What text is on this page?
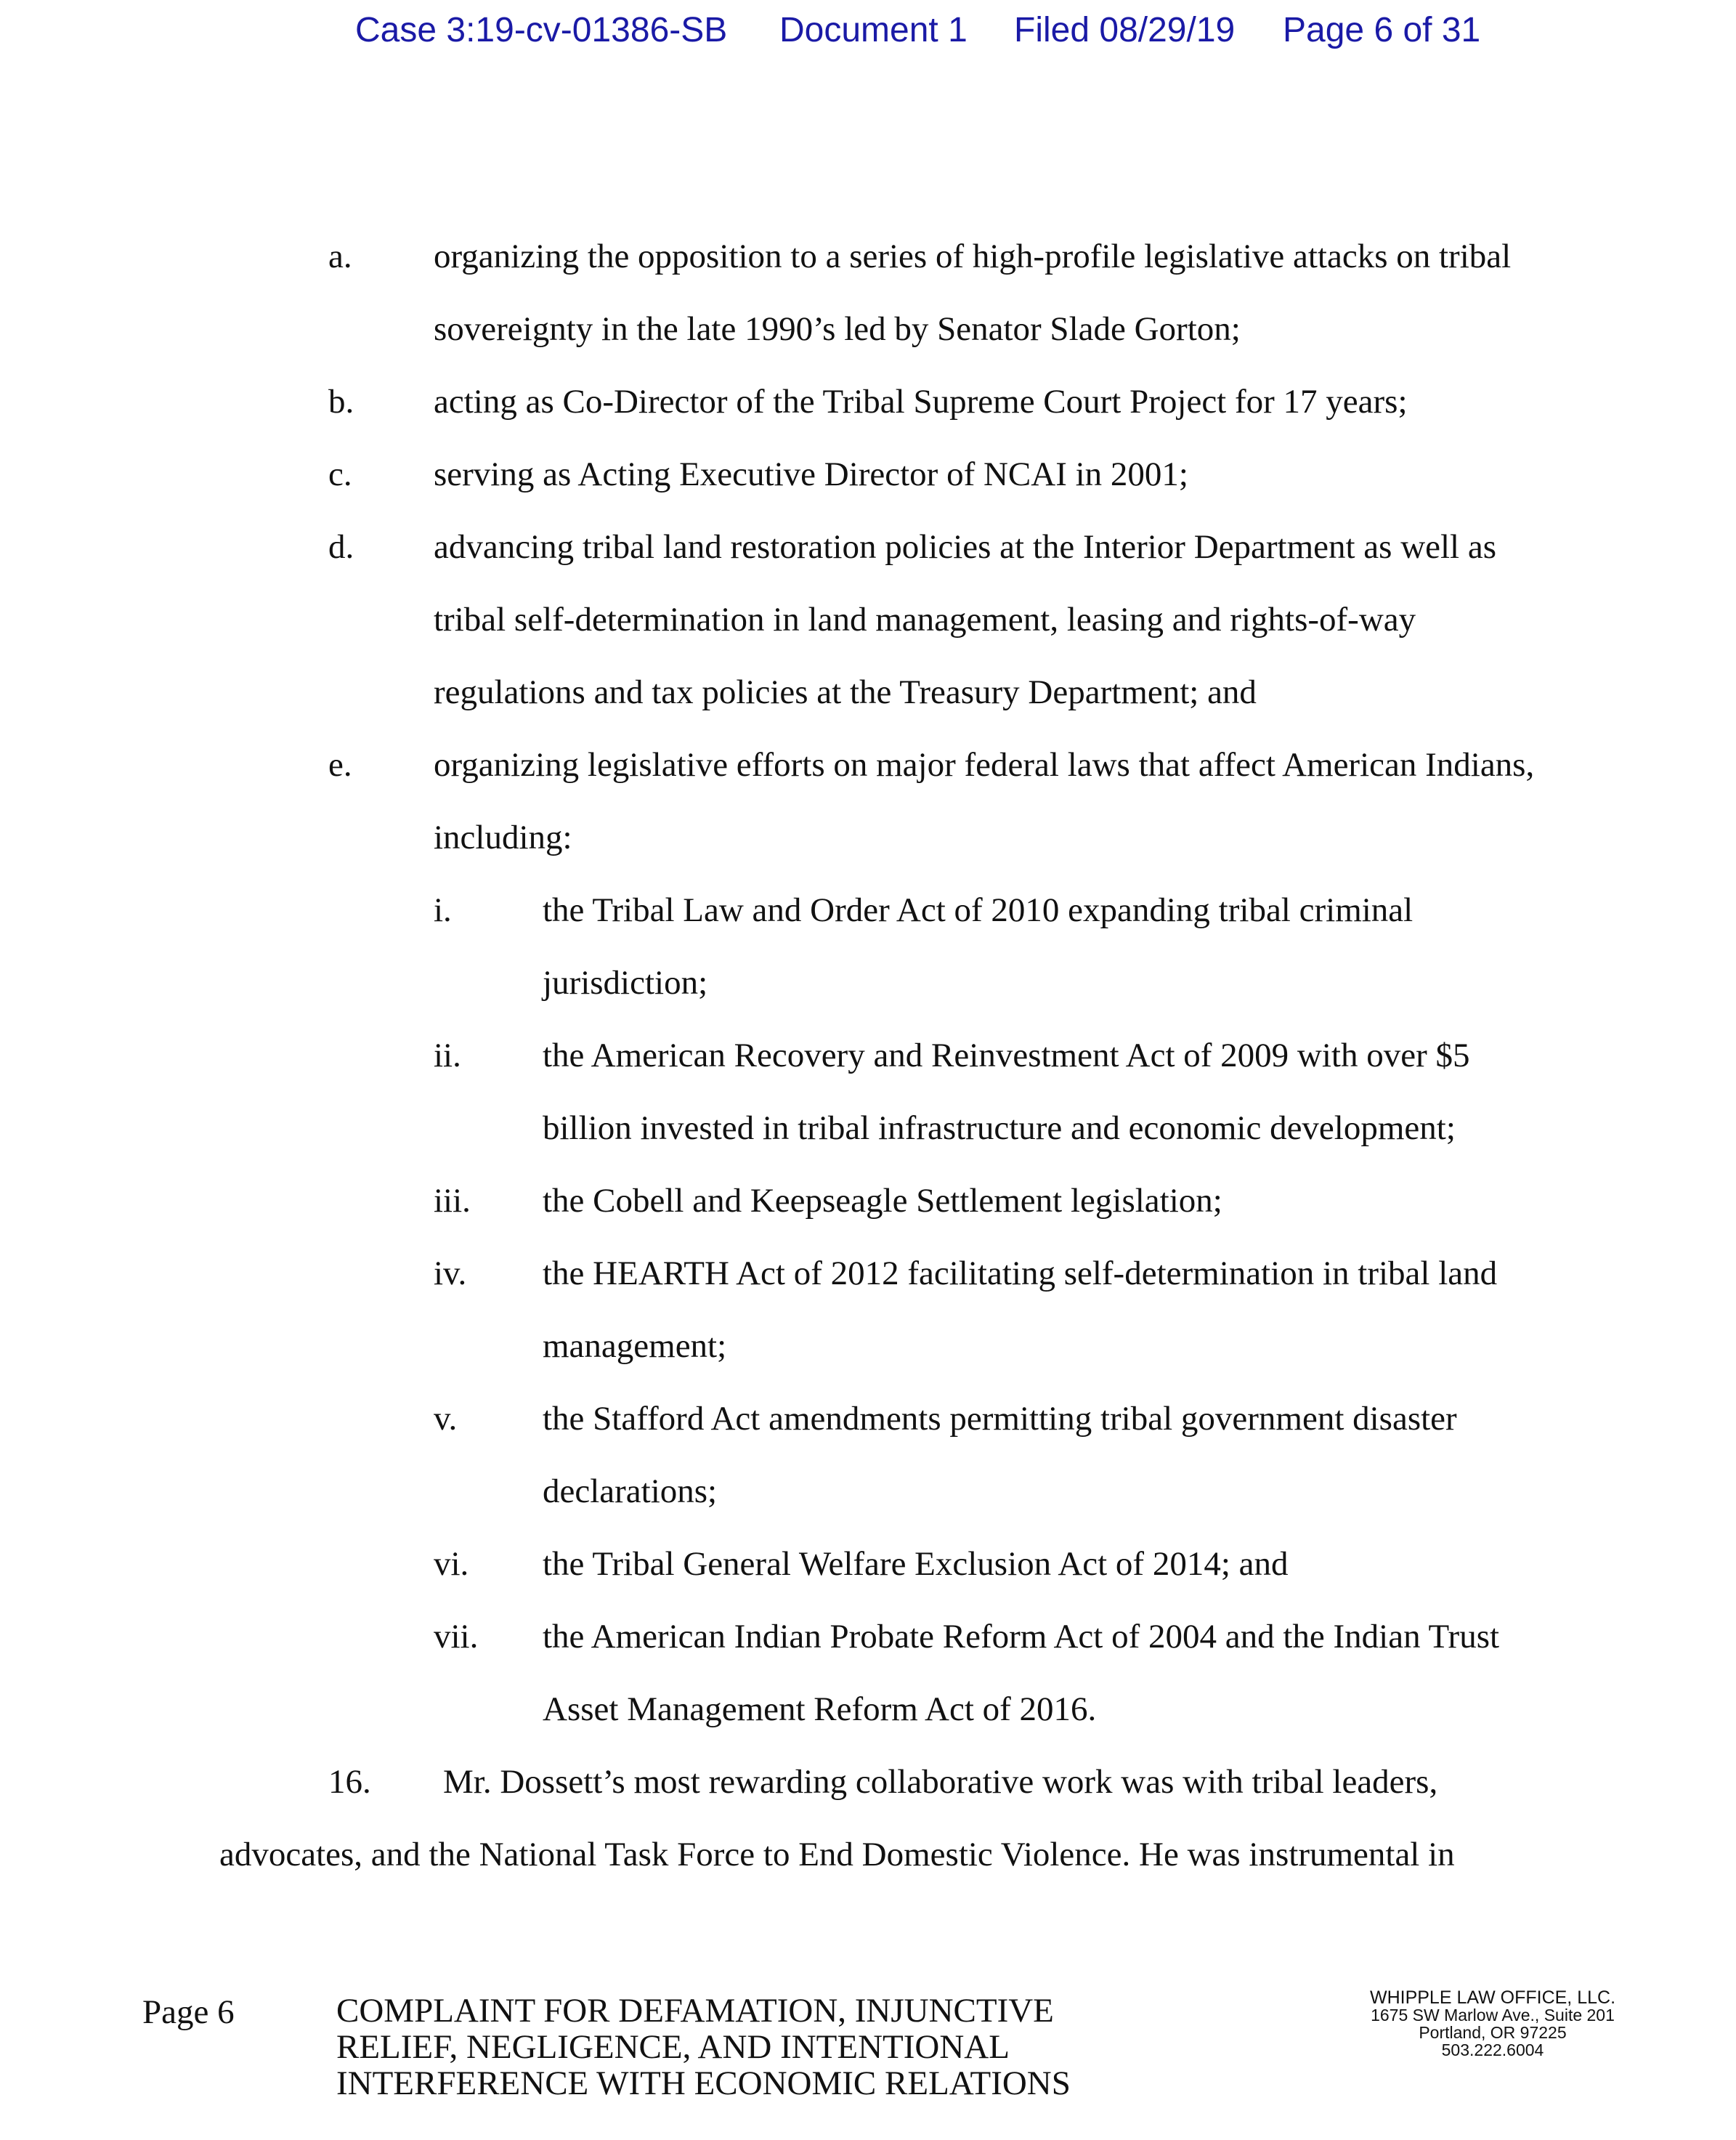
Case 3:19-cv-01386-SB Document 1 Filed 08/29/19 Page 6 of 31
a. organizing the opposition to a series of high-profile legislative attacks on tribal
sovereignty in the late 1990’s led by Senator Slade Gorton;
b. acting as Co-Director of the Tribal Supreme Court Project for 17 years;
c. serving as Acting Executive Director of NCAI in 2001;
d. advancing tribal land restoration policies at the Interior Department as well as
tribal self-determination in land management, leasing and rights-of-way
regulations and tax policies at the Treasury Department; and
e. organizing legislative efforts on major federal laws that affect American Indians,
including:
i.	the Tribal Law and Order Act of 2010 expanding tribal criminal
jurisdiction;
ii. the American Recovery and Reinvestment Act of 2009 with over $5
billion invested in tribal infrastructure and economic development;
iii. the Cobell and Keepseagle Settlement legislation;
iv. the HEARTH Act of 2012 facilitating self-determination in tribal land
management;
v.	the Stafford Act amendments permitting tribal government disaster
declarations;
vi. the Tribal General Welfare Exclusion Act of 2014; and
vii. the American Indian Probate Reform Act of 2004 and the Indian Trust
Asset Management Reform Act of 2016.
16. Mr. Dossett’s most rewarding collaborative work was with tribal leaders,
advocates, and the National Task Force to End Domestic Violence. He was instrumental in
Page 6	COMPLAINT FOR DEFAMATION, INJUNCTIVE
RELIEF, NEGLIGENCE, AND INTENTIONAL
INTERFERENCE WITH ECONOMIC RELATIONS
WHIPPLE LAW OFFICE, LLC.
1675 SW Marlow Ave., Suite 201
Portland, OR 97225
503.222.6004
